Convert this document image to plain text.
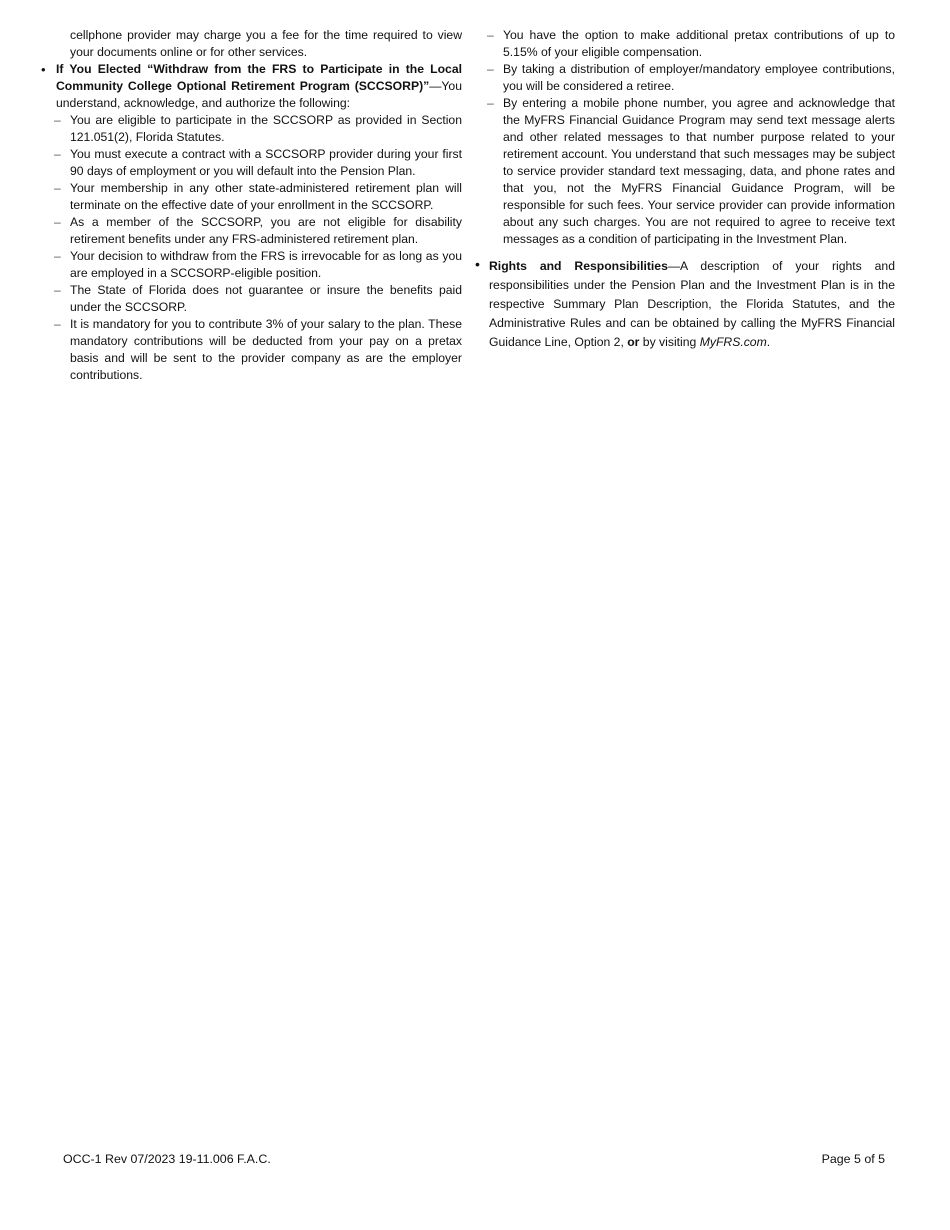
cellphone provider may charge you a fee for the time required to view your documents online or for other services.

• If You Elected “Withdraw from the FRS to Participate in the Local Community College Optional Retirement Program (SCCSORP)”—You understand, acknowledge, and authorize the following:

– You are eligible to participate in the SCCSORP as provided in Section 121.051(2), Florida Statutes.
– You must execute a contract with a SCCSORP provider during your first 90 days of employment or you will default into the Pension Plan.
– Your membership in any other state-administered retirement plan will terminate on the effective date of your enrollment in the SCCSORP.
– As a member of the SCCSORP, you are not eligible for disability retirement benefits under any FRS-administered retirement plan.
– Your decision to withdraw from the FRS is irrevocable for as long as you are employed in a SCCSORP-eligible position.
– The State of Florida does not guarantee or insure the benefits paid under the SCCSORP.
– It is mandatory for you to contribute 3% of your salary to the plan. These mandatory contributions will be deducted from your pay on a pretax basis and will be sent to the provider company as are the employer contributions.
– You have the option to make additional pretax contributions of up to 5.15% of your eligible compensation.
– By taking a distribution of employer/mandatory employee contributions, you will be considered a retiree.
– By entering a mobile phone number, you agree and acknowledge that the MyFRS Financial Guidance Program may send text message alerts and other related messages to that number purpose related to your retirement account. You understand that such messages may be subject to service provider standard text messaging, data, and phone rates and that you, not the MyFRS Financial Guidance Program, will be responsible for such fees. Your service provider can provide information about any such charges. You are not required to agree to receive text messages as a condition of participating in the Investment Plan.
• Rights and Responsibilities—A description of your rights and responsibilities under the Pension Plan and the Investment Plan is in the respective Summary Plan Description, the Florida Statutes, and the Administrative Rules and can be obtained by calling the MyFRS Financial Guidance Line, Option 2, or by visiting MyFRS.com.

OCC-1 Rev 07/2023 19-11.006 F.A.C.	Page 5 of 5
